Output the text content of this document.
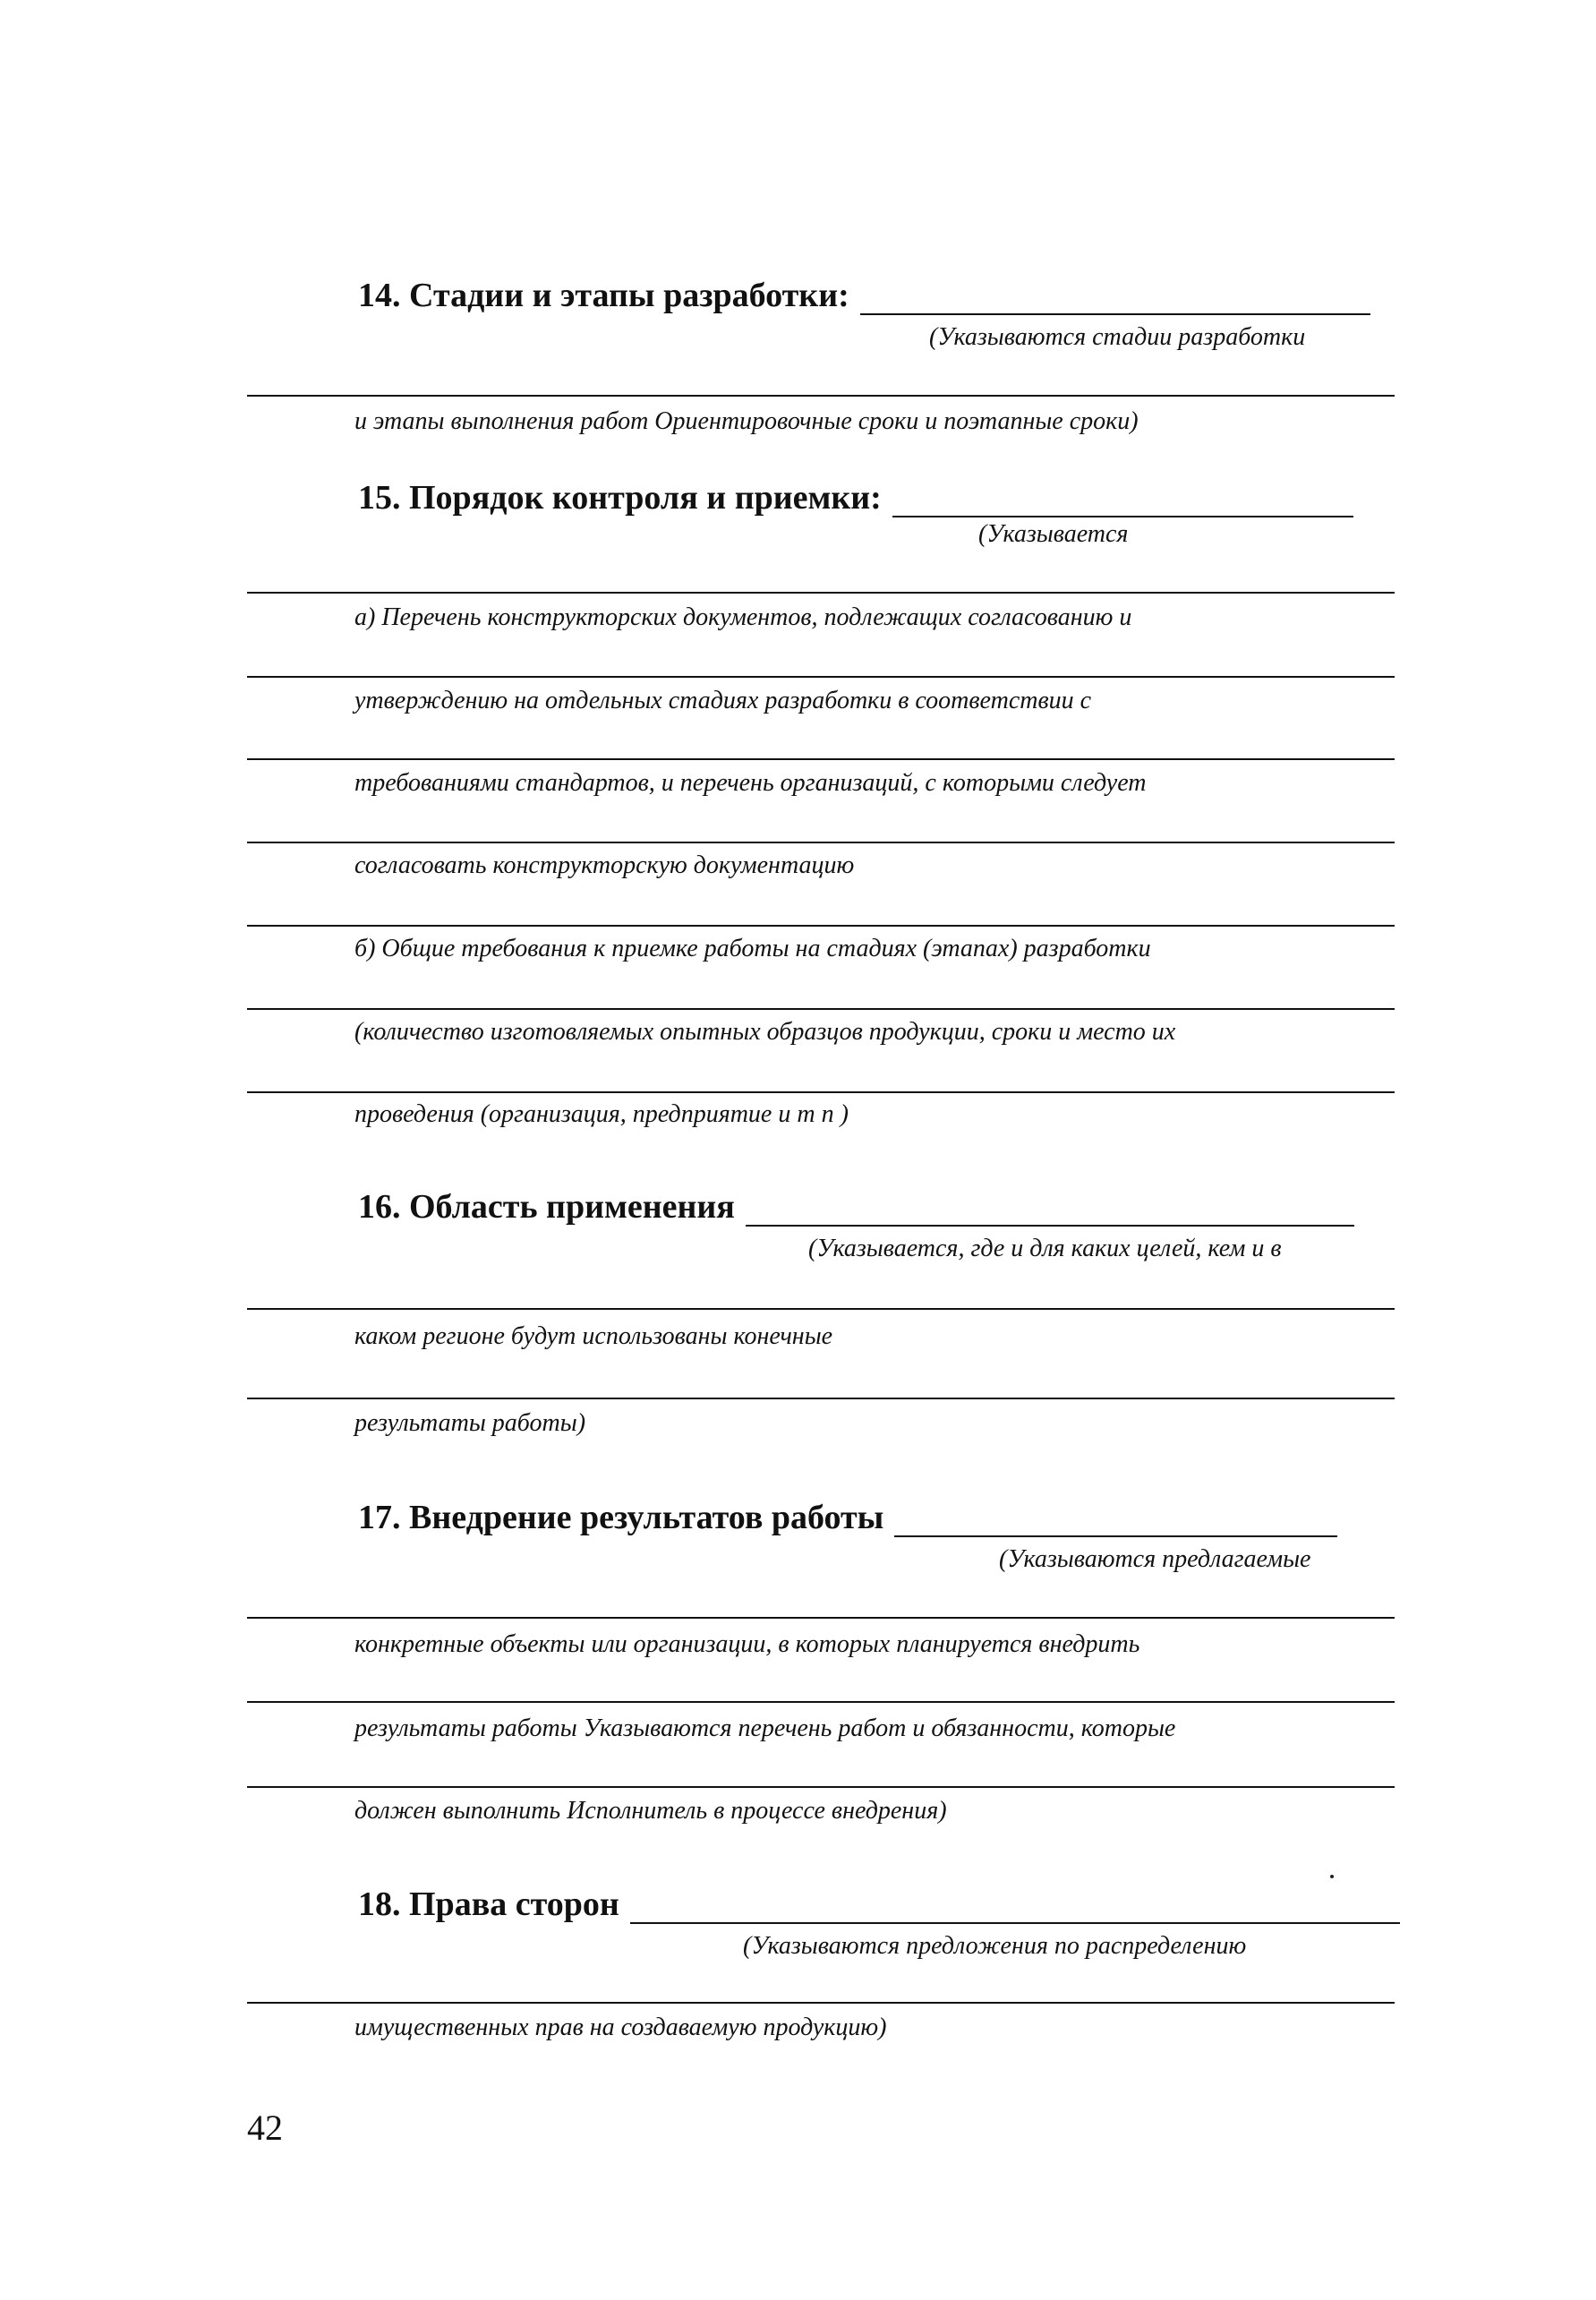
14. Стадии и этапы разработки:
(Указываются стадии разработки
и этапы выполнения работ Ориентировочные сроки и поэтапные сроки)
15. Порядок контроля и приемки:
(Указывается
а) Перечень конструкторских документов, подлежащих согласованию и
утверждению на отдельных стадиях разработки в соответствии с
требованиями стандартов, и перечень организаций, с которыми следует
согласовать конструкторскую документацию
б) Общие требования к приемке работы на стадиях (этапах) разработки
(количество изготовляемых опытных образцов продукции, сроки и место их
проведения (организация, предприятие и т п )
16. Область применения
(Указывается, где и для каких целей, кем и в
каком регионе будут использованы конечные
результаты работы)
17. Внедрение результатов работы
(Указываются предлагаемые
конкретные объекты или организации, в которых планируется внедрить
результаты работы Указываются перечень работ и обязанности, которые
должен выполнить Исполнитель в процессе внедрения)
18. Права сторон
(Указываются предложения по распределению
имущественных прав на создаваемую продукцию)
42
